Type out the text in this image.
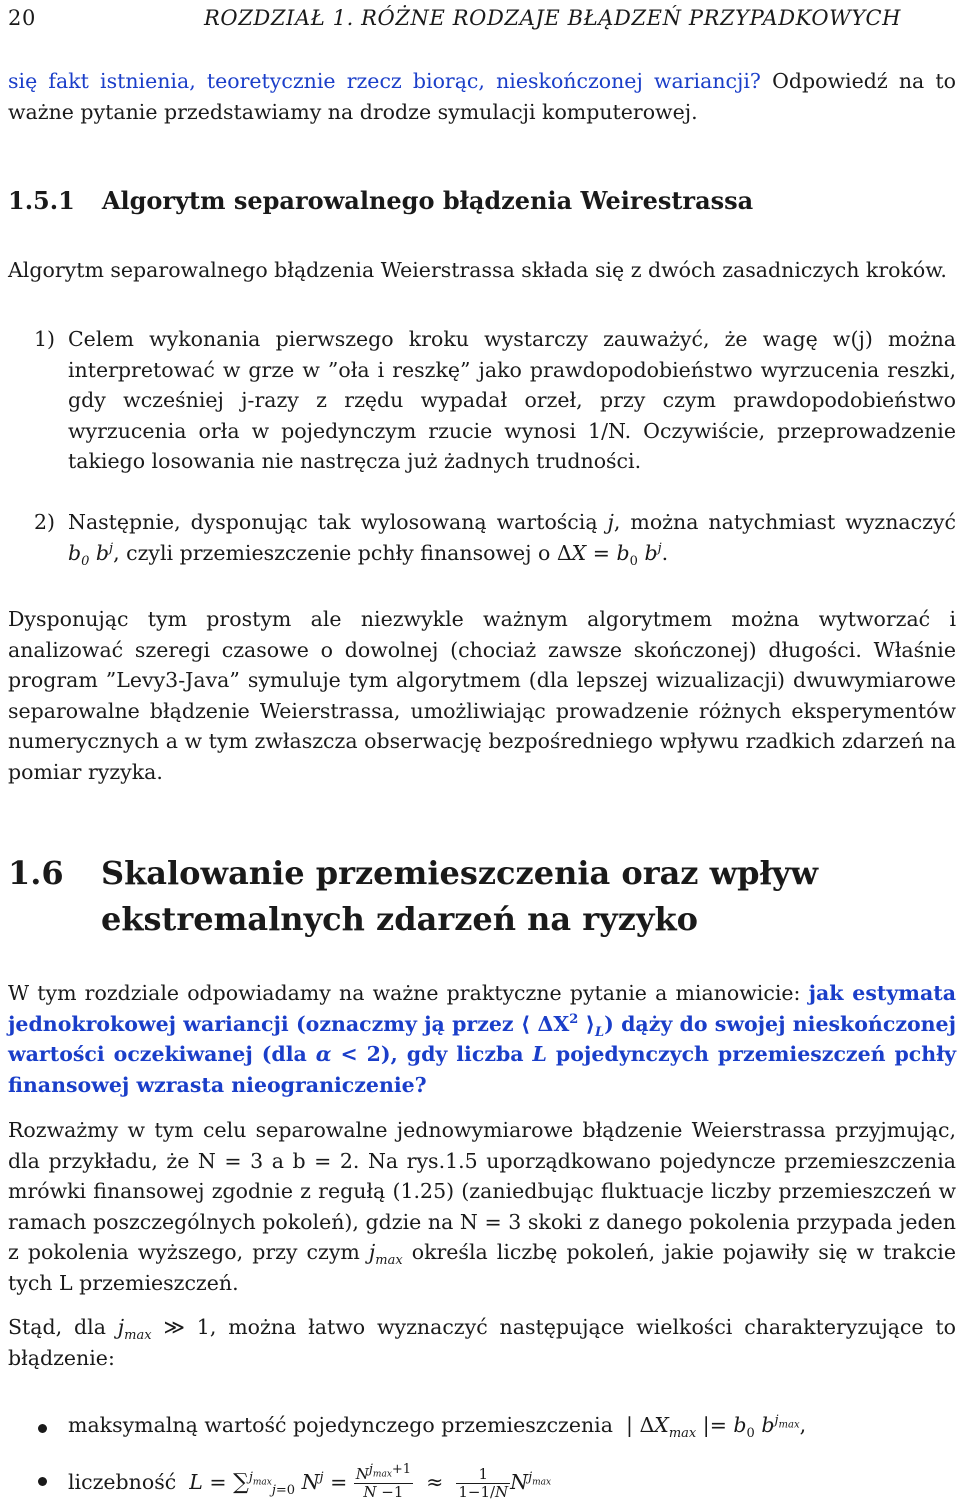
20	ROZDZIAŁ 1. RÓŻNE RODZAJE BŁĄDZEŃ PRZYPADKOWYCH

się fakt istnienia, teoretycznie rzecz biorąc, nieskończonej wariancji? Odpowiedź na to ważne pytanie przedstawiamy na drodze symulacji komputerowej.

1.5.1 Algorytm separowalnego błądzenia Weirestrassa

Algorytm separowalnego błądzenia Weierstrassa składa się z dwóch zasadniczych kroków.

1) Celem wykonania pierwszego kroku wystarczy zauważyć, że wagę w(j) można interpretować w grze w ”oła i reszkę” jako prawdopodobieństwo wyrzucenia reszki, gdy wcześniej j-razy z rzędu wypadał orzeł, przy czym prawdopodobieństwo wyrzucenia orła w pojedynczym rzucie wynosi 1/N. Oczywiście, przeprowadzenie takiego losowania nie nastręcza już żadnych trudności.
2) Następnie, dysponując tak wylosowaną wartością j, można natychmiast wyznaczyć $b_0$ $b^j$, czyli przemieszczenie pchły finansowej o $\Delta X = b_0$ $b^j$.

Dysponując tym prostym ale niezwykle ważnym algorytmem można wytworzać i analizować szeregi czasowe o dowolnej (chociaż zawsze skończonej) długości. Właśnie program ”Levy3-Java” symuluje tym algorytmem (dla lepszej wizualizacji) dwuwymiarowe separowalne błądzenie Weierstrassa, umożliwiając prowadzenie różnych eksperymentów numerycznych a w tym zwłaszcza obserwację bezpośredniego wpływu rzadkich zdarzeń na pomiar ryzyka.

1.6 Skalowanie przemieszczenia oraz wpływ ekstremalnych zdarzeń na ryzyko

W tym rozdziale odpowiadamy na ważne praktyczne pytanie a mianowicie: jak estymata jednokrokowej wariancji (oznaczmy ją przez ⟨ $\Delta X^2$ $⟩_L$) dąży do swojej nieskończonej wartości oczekiwanej (dla α < 2), gdy liczba L pojedynczych przemieszczeń pchły finansowej wzrasta nieograniczenie?

Rozważmy w tym celu separowalne jednowymiarowe błądzenie Weierstrassa przyjmując, dla przykładu, że N = 3 a b = 2. Na rys.1.5 uporządkowano pojedyncze przemieszczenia mrówki finansowej zgodnie z regułą (1.25) (zaniedbując fluktuacje liczby przemieszczeń w ramach poszczególnych pokoleń), gdzie na N = 3 skoki z danego pokolenia przypada jeden z pokolenia wyższego, przy czym $j_{max}$ określa liczbę pokoleń, jakie pojawiły się w trakcie tych L przemieszczeń.

Stąd, dla $j_{max}$ ≫ 1, można łatwo wyznaczyć następujące wielkości charakteryzujące to błądzenie:

maksymalną wartość pojedynczego przemieszczenia  | $\Delta X_{max}$ |= $b_0$ $b^{j_{max}}$,
liczebność L = ∑$^{j_{max}}_{j=0}$ $N^j = \frac{N^{j_{max}+1}}{N -1} \approx \frac{1}{1-1/N} N^{j_{max}}$
